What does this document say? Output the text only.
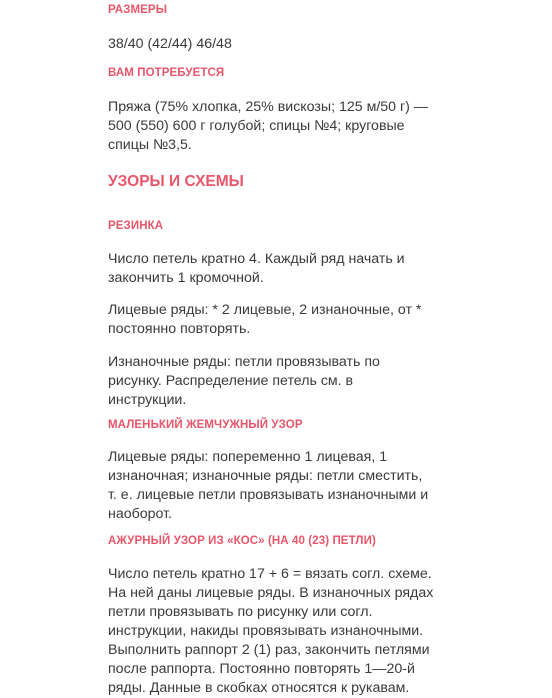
РАЗМЕРЫ
38/40 (42/44) 46/48
ВАМ ПОТРЕБУЕТСЯ
Пряжа (75% хлопка, 25% вискозы; 125 м/50 г) —
500 (550) 600 г голубой; спицы №4; круговые
спицы №3,5.
УЗОРЫ И СХЕМЫ
РЕЗИНКА
Число петель кратно 4. Каждый ряд начать и
закончить 1 кромочной.
Лицевые ряды: * 2 лицевые, 2 изнаночные, от *
постоянно повторять.
Изнаночные ряды: петли провязывать по
рисунку. Распределение петель см. в
инструкции.
МАЛЕНЬКИЙ ЖЕМЧУЖНЫЙ УЗОР
Лицевые ряды: попеременно 1 лицевая, 1
изнаночная; изнаночные ряды: петли сместить,
т. е. лицевые петли провязывать изнаночными и
наоборот.
АЖУРНЫЙ УЗОР ИЗ «КОС» (НА 40 (23) ПЕТЛИ)
Число петель кратно 17 + 6 = вязать согл. схеме.
На ней даны лицевые ряды. В изнаночных рядах
петли провязывать по рисунку или согл.
инструкции, накиды провязывать изнаночными.
Выполнить раппорт 2 (1) раз, закончить петлями
после раппорта. Постоянно повторять 1—20-й
ряды. Данные в скобках относятся к рукавам.
